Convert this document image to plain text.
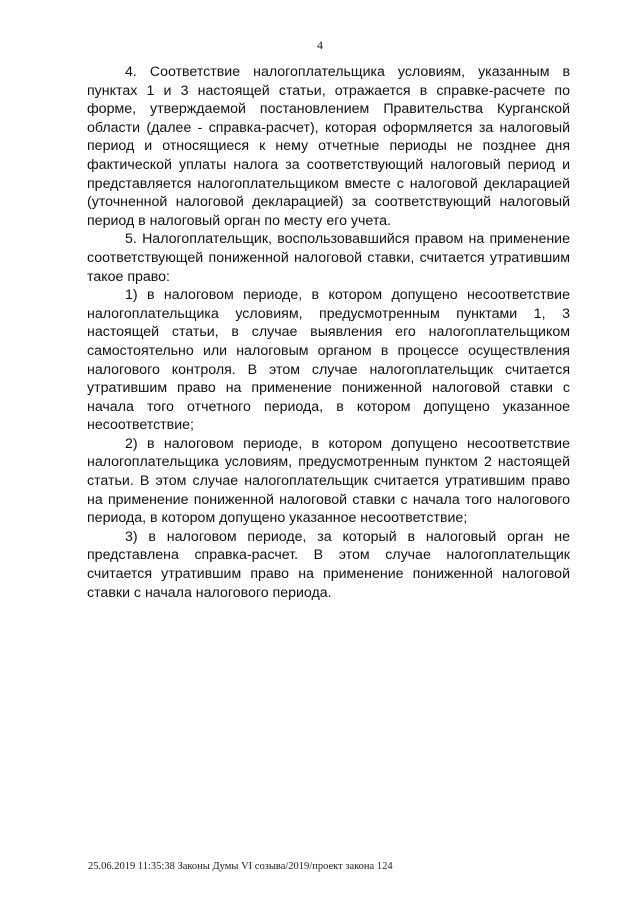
4

4. Соответствие налогоплательщика условиям, указанным в пунктах 1 и 3 настоящей статьи, отражается в справке-расчете по форме, утверждаемой постановлением Правительства Курганской области (далее - справка-расчет), которая оформляется за налоговый период и относящиеся к нему отчетные периоды не позднее дня фактической уплаты налога за соответствующий налоговый период и представляется налогоплательщиком вместе с налоговой декларацией (уточненной налоговой декларацией) за соответствующий налоговый период в налоговый орган по месту его учета.

5. Налогоплательщик, воспользовавшийся правом на применение соответствующей пониженной налоговой ставки, считается утратившим такое право:

1) в налоговом периоде, в котором допущено несоответствие налогоплательщика условиям, предусмотренным пунктами 1, 3 настоящей статьи, в случае выявления его налогоплательщиком самостоятельно или налоговым органом в процессе осуществления налогового контроля. В этом случае налогоплательщик считается утратившим право на применение пониженной налоговой ставки с начала того отчетного периода, в котором допущено указанное несоответствие;

2) в налоговом периоде, в котором допущено несоответствие налогоплательщика условиям, предусмотренным пунктом 2 настоящей статьи. В этом случае налогоплательщик считается утратившим право на применение пониженной налоговой ставки с начала того налогового периода, в котором допущено указанное несоответствие;

3) в налоговом периоде, за который в налоговый орган не представлена справка-расчет. В этом случае налогоплательщик считается утратившим право на применение пониженной налоговой ставки с начала налогового периода.

25.06.2019 11:35:38 Законы Думы VI созыва/2019/проект закона 124
